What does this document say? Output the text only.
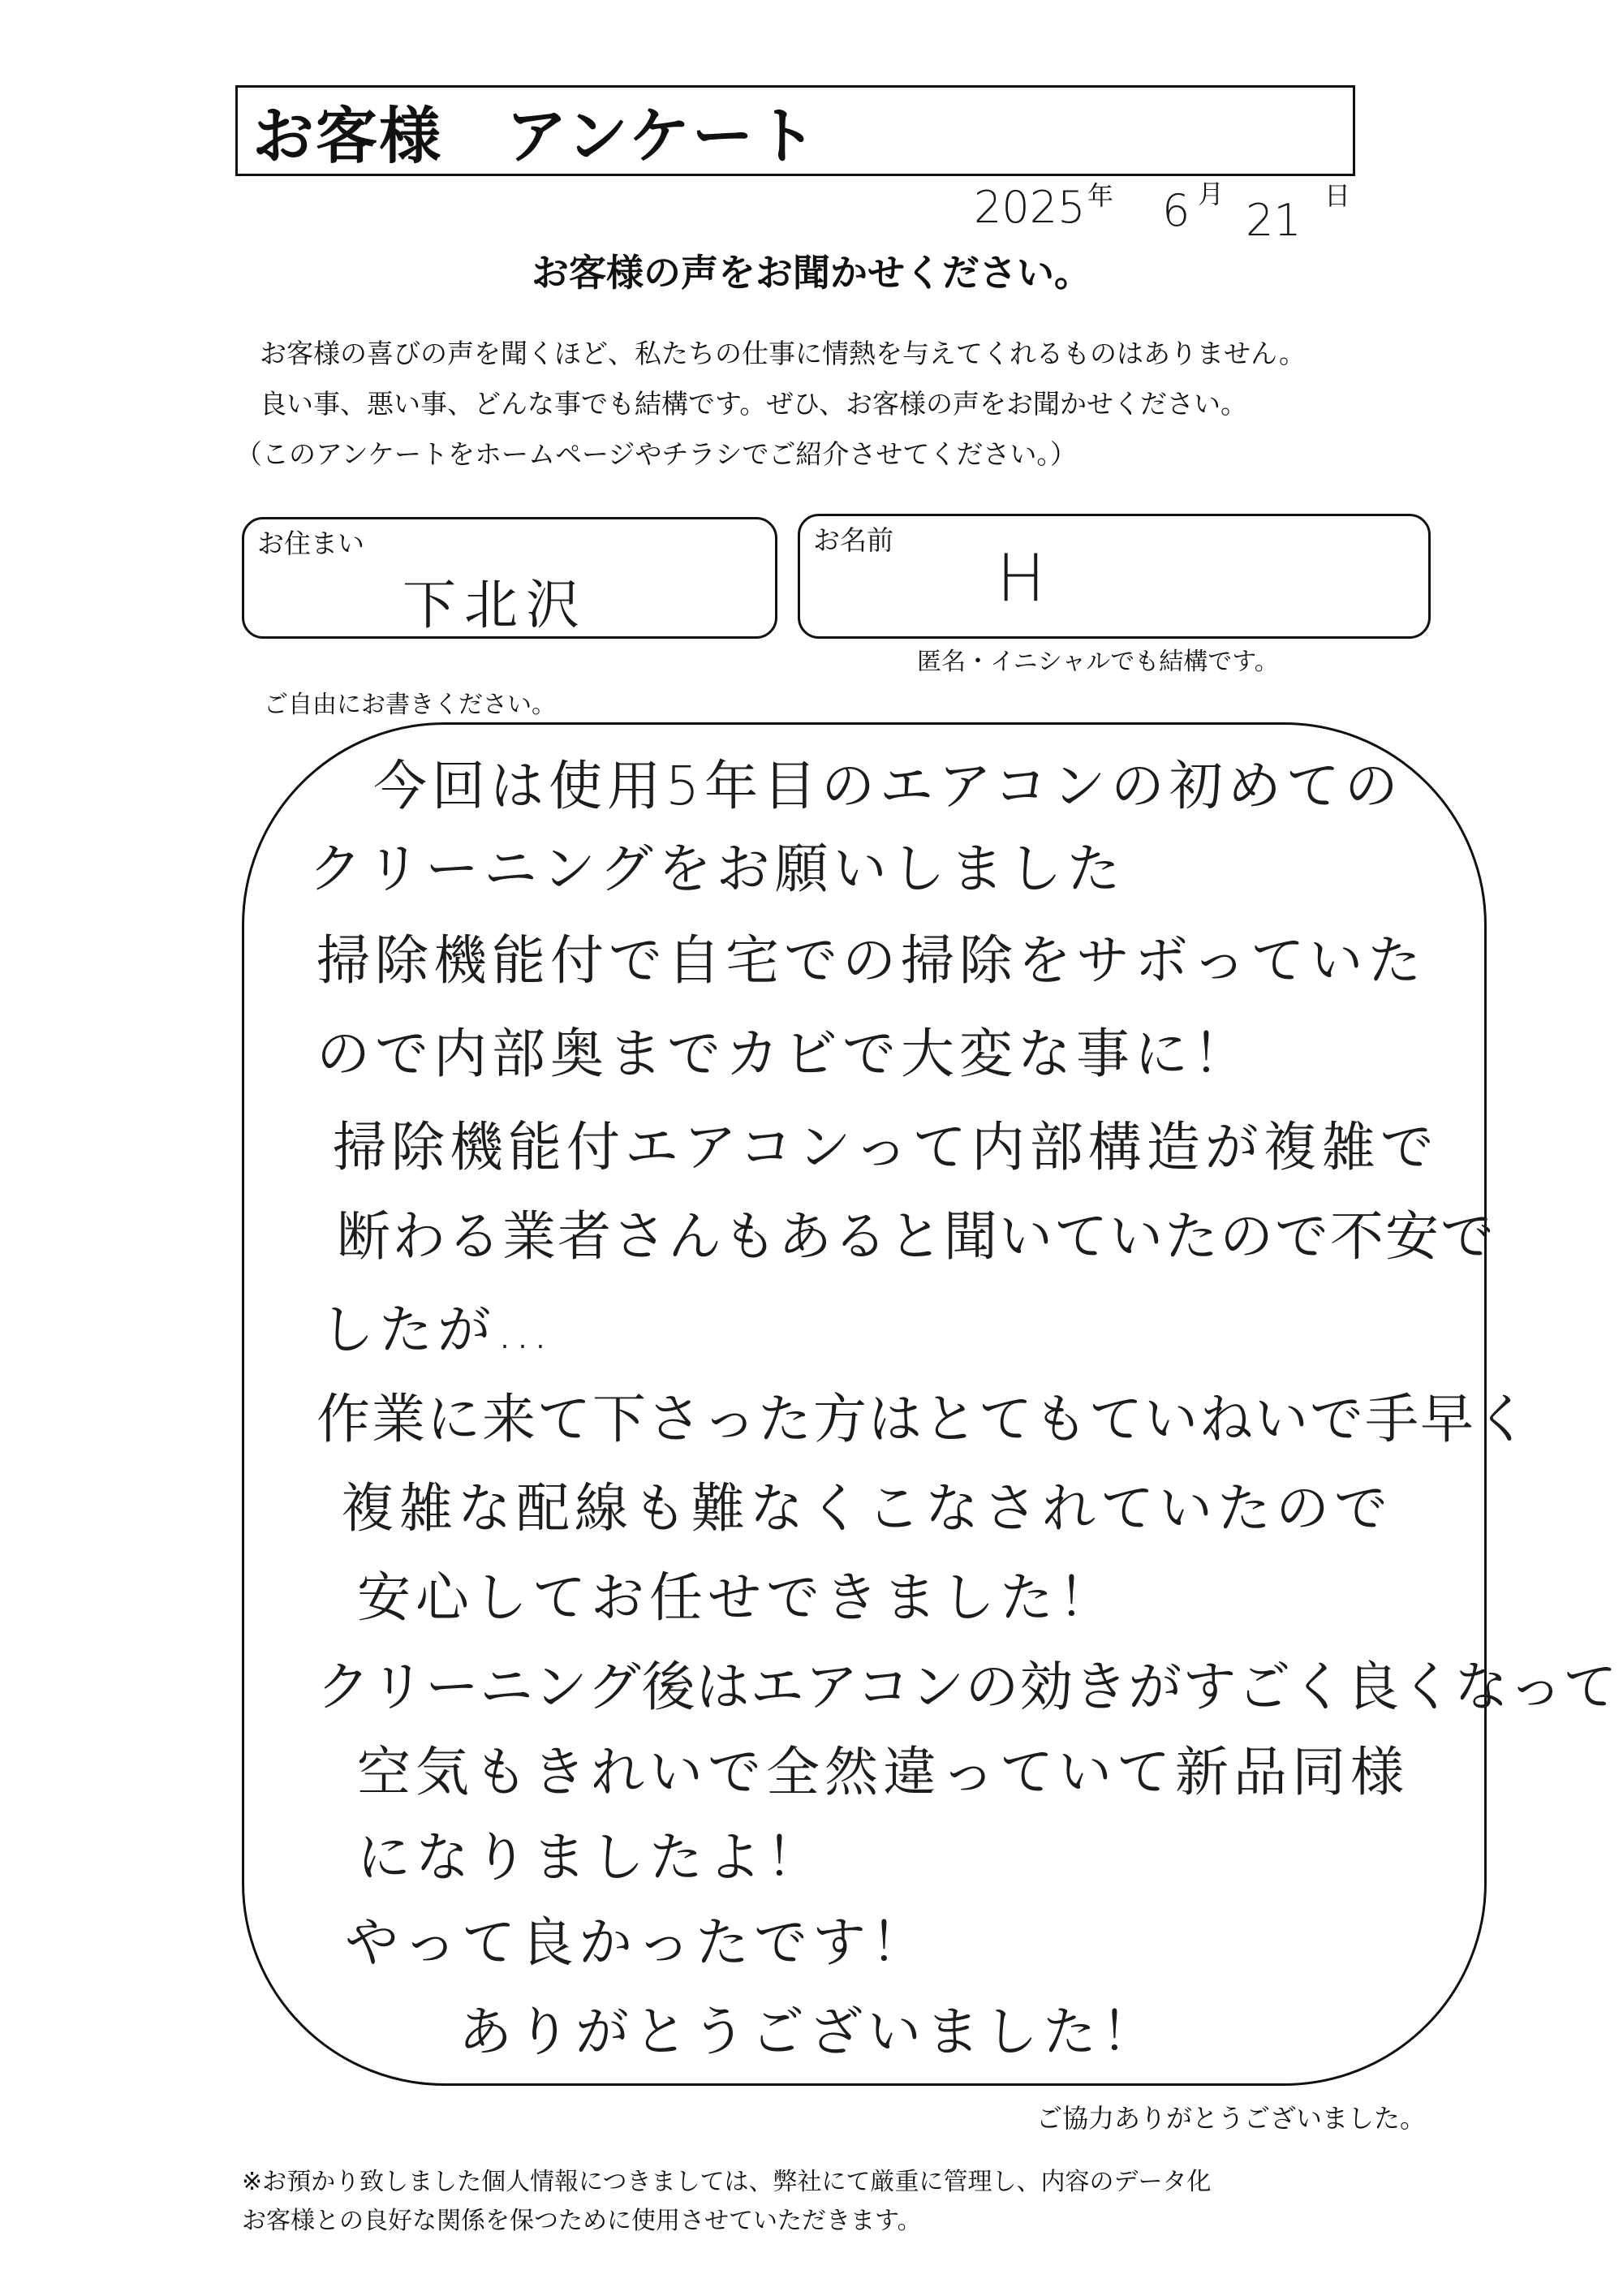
お客様　アンケート
2025 年 6 月
21 日
お客様の声をお聞かせください。

お客様の喜びの声を聞くほど、私たちの仕事に情熱を与えてくれるものはありません。

良い事、悪い事、どんな事でも結構です。ぜひ、お客様の声をお聞かせください。

（このアンケートをホームページやチラシでご紹介させてください。）

お住まい
下北沢
お名前
H
匿名・イニシャルでも結構です。
ご自由にお書きください。
今回は使用5年目のエアコンの初めての
クリーニングをお願いしました
掃除機能付で自宅での掃除をサボっていた
ので内部奥までカビで大変な事に！
掃除機能付エアコンって内部構造が複雑で
断わる業者さんもあると聞いていたので不安で
したが…
作業に来て下さった方はとてもていねいで手早く
複雑な配線も難なくこなされていたので
安心してお任せできました！
クリーニング後はエアコンの効きがすごく良くなって
空気もきれいで全然違っていて新品同様
になりましたよ！
やって良かったです！
ありがとうございました！
ご協力ありがとうございました。

※お預かり致しました個人情報につきましては、弊社にて厳重に管理し、内容のデータ化

お客様との良好な関係を保つために使用させていただきます。
